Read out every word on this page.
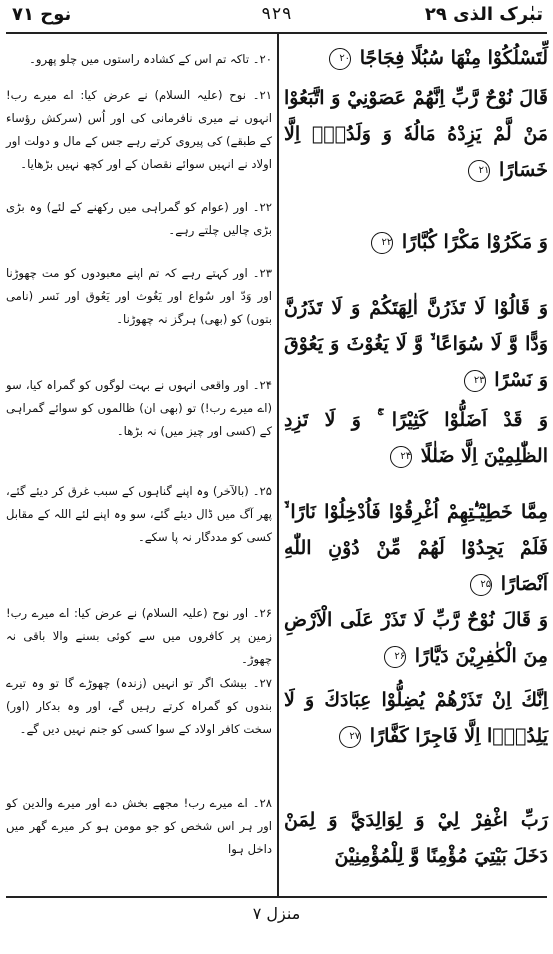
نوح ۷۱	۹۲۹	تبٰرک الذی ۲۹
۲۰۔ تاکہ تم اس کے کشادہ راستوں میں چلو پھرو۔
۲۱۔ نوح (علیہ السلام) نے عرض کیا: اے میرے رب! انہوں نے میری نافرمانی کی اور اُس (سرکش رؤساء کے طبقے) کی پیروی کرتے رہے جس کے مال و دولت اور اولاد نے انہیں سوائے نقصان کے اور کچھ نہیں بڑھایا۔
۲۲۔ اور (عوام کو گمراہی میں رکھنے کے لئے) وہ بڑی بڑی چالیں چلتے رہے۔
۲۳۔ اور کہتے رہے کہ تم اپنے معبودوں کو مت چھوڑنا اور وَدّ اور سُواع اور یَغُوث اور یَعُوق اور نَسر (نامی بتوں) کو (بھی) ہرگز نہ چھوڑنا۔
۲۴۔ اور واقعی انہوں نے بہت لوگوں کو گمراہ کیا، سو (اے میرے رب!) تو (بھی ان) ظالموں کو سوائے گمراہی کے (کسی اور چیز میں) نہ بڑھا۔
۲۵۔ (بالآخر) وہ اپنے گناہوں کے سبب غرق کر دیئے گئے، پھر آگ میں ڈال دیئے گئے، سو وہ اپنے لئے اللہ کے مقابل کسی کو مددگار نہ پا سکے۔
۲۶۔ اور نوح (علیہ السلام) نے عرض کیا: اے میرے رب! زمین پر کافروں میں سے کوئی بسنے والا باقی نہ چھوڑ۔
۲۷۔ بیشک اگر تو انہیں (زندہ) چھوڑے گا تو وہ تیرے بندوں کو گمراہ کرتے رہیں گے، اور وہ بدکار (اور) سخت کافر اولاد کے سوا کسی کو جنم نہیں دیں گے۔
۲۸۔ اے میرے رب! مجھے بخش دے اور میرے والدین کو اور ہر اس شخص کو جو مومن ہو کر میرے گھر میں داخل ہوا
لِّتَسْلُكُوْا مِنْهَا سُبُلًا فِجَاجًا ۲۰
قَالَ نُوْحٌ رَّبِّ اِنَّهُمْ عَصَوْنِيْ وَ اتَّبَعُوْا مَنْ لَّمْ يَزِدْهُ مَالُهٗ وَ وَلَدُهٗۤ اِلَّا خَسَارًا ۲۱
وَ مَكَرُوْا مَكْرًا كُبَّارًا ۲۲
وَ قَالُوْا لَا تَذَرُنَّ اٰلِهَتَكُمْ وَ لَا تَذَرُنَّ وَدًّا وَّ لَا سُوَاعًا ۙ۬ وَّ لَا يَغُوْثَ وَ يَعُوْقَ وَ نَسْرًا ۲۳
وَ قَدْ اَضَلُّوْا كَثِيْرًا ۚ۬ وَ لَا تَزِدِ الظّٰلِمِيْنَ اِلَّا ضَلٰلًا ۲۴
مِمَّا خَطِيْٓـٰٔتِهِمْ اُغْرِقُوْا فَاُدْخِلُوْا نَارًا ۙ۬ فَلَمْ يَجِدُوْا لَهُمْ مِّنْ دُوْنِ اللّٰهِ اَنْصَارًا ۲۵
وَ قَالَ نُوْحٌ رَّبِّ لَا تَذَرْ عَلَى الْاَرْضِ مِنَ الْكٰفِرِيْنَ دَيَّارًا ۲۶
اِنَّكَ اِنْ تَذَرْهُمْ يُضِلُّوْا عِبَادَكَ وَ لَا يَلِدُوْۤا اِلَّا فَاجِرًا كَفَّارًا ۲۷
رَبِّ اغْفِرْ لِيْ وَ لِوَالِدَيَّ وَ لِمَنْ دَخَلَ بَيْتِيَ مُؤْمِنًا وَّ لِلْمُؤْمِنِيْنَ
منزل ۷
